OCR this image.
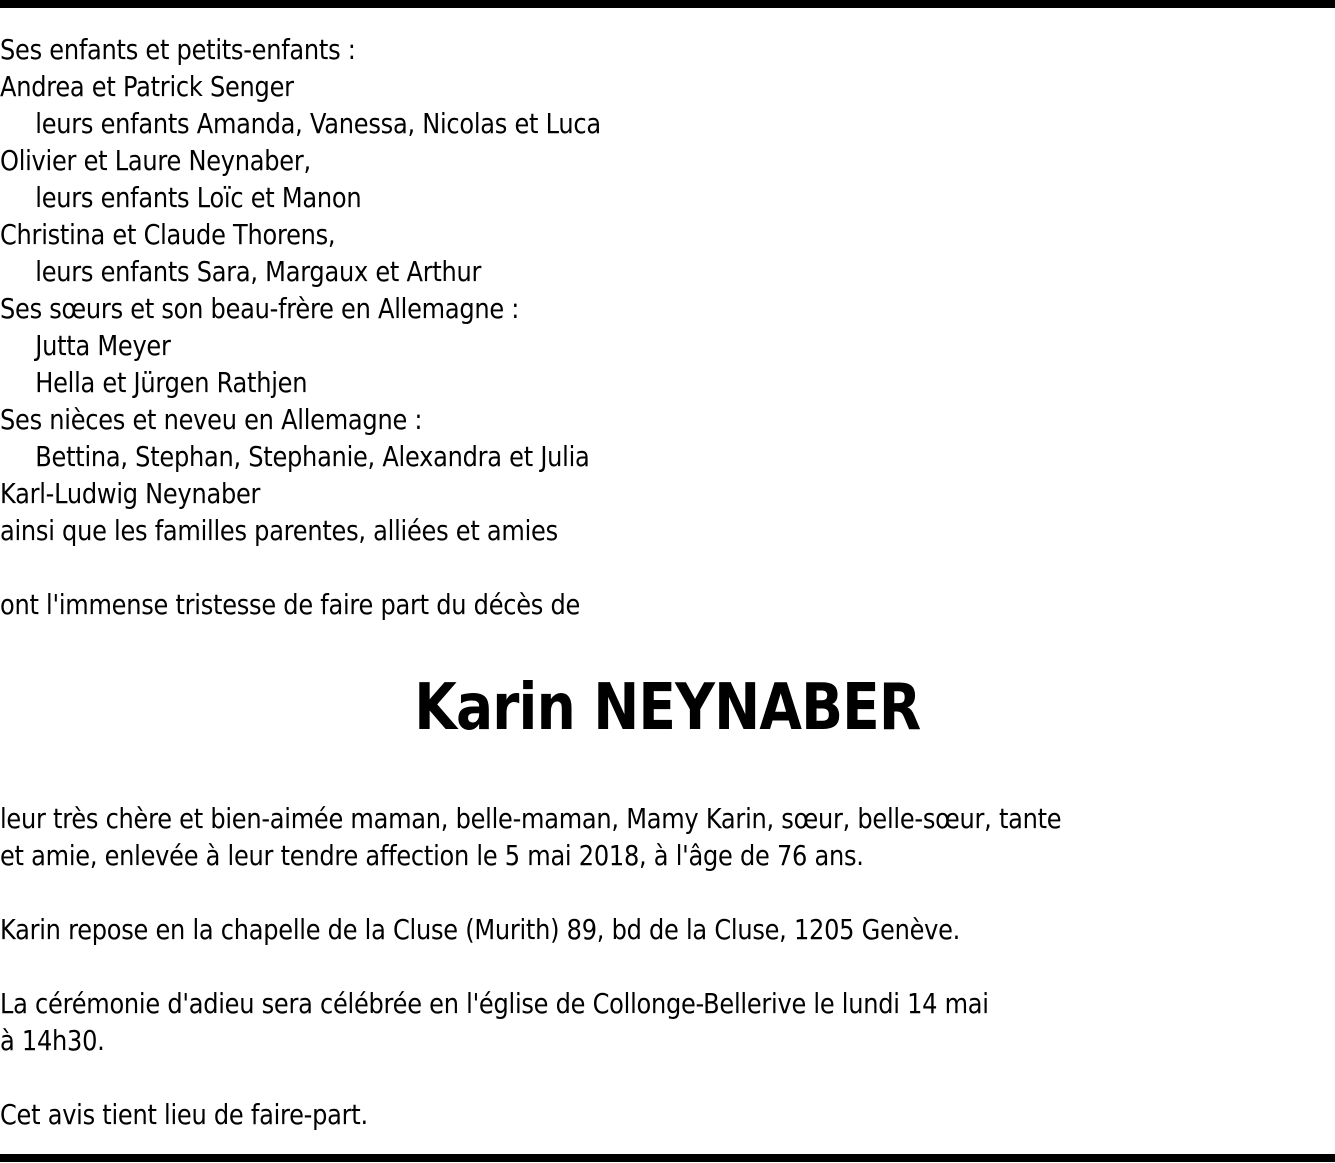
Ses enfants et petits-enfants :
Andrea et Patrick Senger
leurs enfants Amanda, Vanessa, Nicolas et Luca
Olivier et Laure Neynaber,
leurs enfants Loïc et Manon
Christina et Claude Thorens,
leurs enfants Sara, Margaux et Arthur
Ses sœurs et son beau-frère en Allemagne :
Jutta Meyer
Hella et Jürgen Rathjen
Ses nièces et neveu en Allemagne :
Bettina, Stephan, Stephanie, Alexandra et Julia
Karl-Ludwig Neynaber
ainsi que les familles parentes, alliées et amies
ont l'immense tristesse de faire part du décès de
Karin NEYNABER
leur très chère et bien-aimée maman, belle-maman, Mamy Karin, sœur, belle-sœur, tante
et amie, enlevée à leur tendre affection le 5 mai 2018, à l'âge de 76 ans.
Karin repose en la chapelle de la Cluse (Murith) 89, bd de la Cluse, 1205 Genève.
La cérémonie d'adieu sera célébrée en l'église de Collonge-Bellerive le lundi 14 mai
à 14h30.
Cet avis tient lieu de faire-part.
